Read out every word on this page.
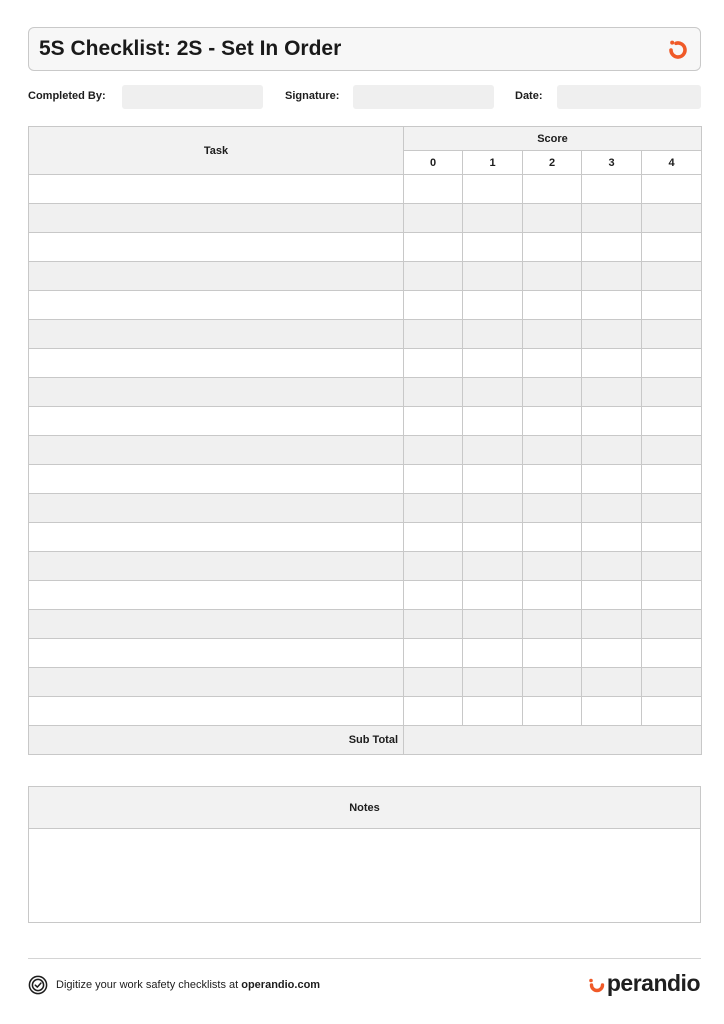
5S Checklist: 2S - Set In Order
Completed By:	Signature:	Date:
Task	Score				
	0	1	2	3	4

Sub Total					
Notes
Digitize your work safety checklists at operandio.com	perandio
